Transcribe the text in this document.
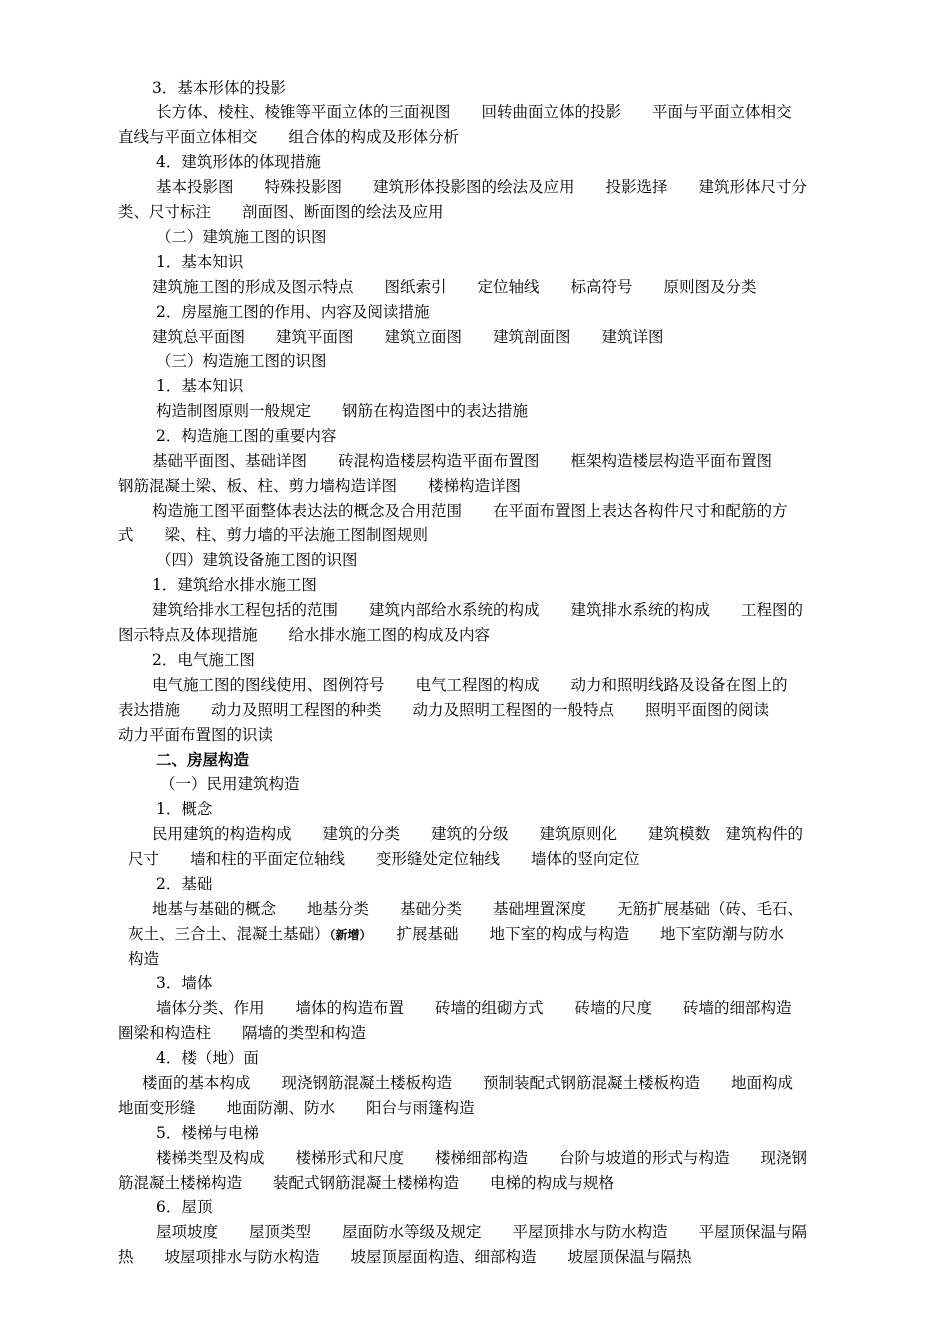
3．基本形体的投影
长方体、棱柱、棱锥等平面立体的三面视图　　回转曲面立体的投影　　平面与平面立体相交
直线与平面立体相交　　组合体的构成及形体分析
4．建筑形体的体现措施
基本投影图　　特殊投影图　　建筑形体投影图的绘法及应用　　投影选择　　建筑形体尺寸分
类、尺寸标注　　剖面图、断面图的绘法及应用
（二）建筑施工图的识图
1．基本知识
建筑施工图的形成及图示特点　　图纸索引　　定位轴线　　标高符号　　原则图及分类
2．房屋施工图的作用、内容及阅读措施
建筑总平面图　　建筑平面图　　建筑立面图　　建筑剖面图　　建筑详图
（三）构造施工图的识图
1．基本知识
构造制图原则一般规定　　钢筋在构造图中的表达措施
2．构造施工图的重要内容
基础平面图、基础详图　　砖混构造楼层构造平面布置图　　框架构造楼层构造平面布置图
钢筋混凝土梁、板、柱、剪力墙构造详图　　楼梯构造详图
构造施工图平面整体表达法的概念及合用范围　　在平面布置图上表达各构件尺寸和配筋的方
式　　梁、柱、剪力墙的平法施工图制图规则
（四）建筑设备施工图的识图
1．建筑给水排水施工图
建筑给排水工程包括的范围　　建筑内部给水系统的构成　　建筑排水系统的构成　　工程图的
图示特点及体现措施　　给水排水施工图的构成及内容
2．电气施工图
电气施工图的图线使用、图例符号　　电气工程图的构成　　动力和照明线路及设备在图上的
表达措施　　动力及照明工程图的种类　　动力及照明工程图的一般特点　　照明平面图的阅读
动力平面布置图的识读
二、房屋构造
（一）民用建筑构造
1．概念
民用建筑的构造构成　　建筑的分类　　建筑的分级　　建筑原则化　　建筑模数　建筑构件的
尺寸　　墙和柱的平面定位轴线　　变形缝处定位轴线　　墙体的竖向定位
2．基础
地基与基础的概念　　地基分类　　基础分类　　基础埋置深度　　无筋扩展基础（砖、毛石、
灰土、三合土、混凝土基础）（新增）　　 扩展基础　　地下室的构成与构造　　地下室防潮与防水
构造
3．墙体
墙体分类、作用　　墙体的构造布置　　砖墙的组砌方式　　砖墙的尺度　　砖墙的细部构造
圈梁和构造柱　　隔墙的类型和构造
4．楼（地）面
楼面的基本构成　　现浇钢筋混凝土楼板构造　　预制装配式钢筋混凝土楼板构造　　地面构成
地面变形缝　　地面防潮、防水　　阳台与雨篷构造
5．楼梯与电梯
楼梯类型及构成　　楼梯形式和尺度　　楼梯细部构造　　台阶与坡道的形式与构造　　现浇钢
筋混凝土楼梯构造　　装配式钢筋混凝土楼梯构造　　电梯的构成与规格
6．屋顶
屋项坡度　　屋顶类型　　屋面防水等级及规定　　平屋顶排水与防水构造　　平屋顶保温与隔
热　　坡屋项排水与防水构造　　坡屋顶屋面构造、细部构造　　坡屋顶保温与隔热
